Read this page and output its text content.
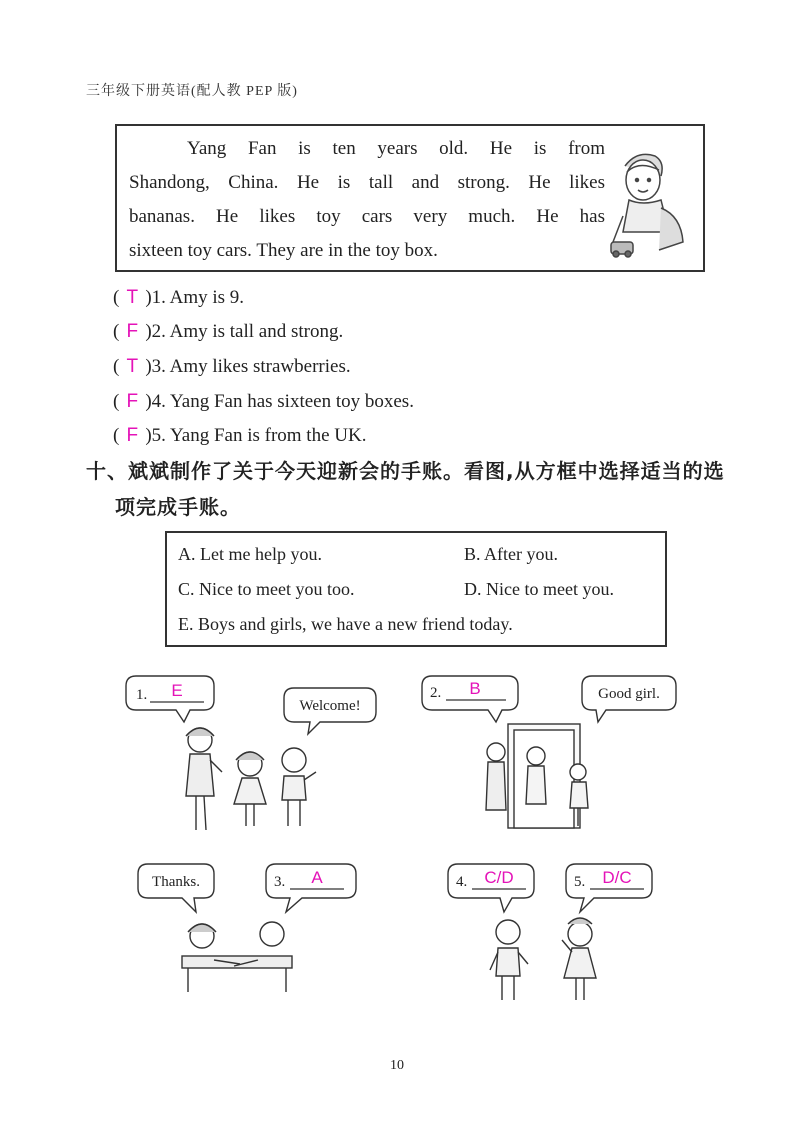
三年级下册英语(配人教 PEP 版)
Yang Fan is ten years old. He is from
Shandong, China. He is tall and strong. He likes
bananas. He likes toy cars very much. He has
sixteen toy cars. They are in the toy box.
( T )1. Amy is 9.
( F )2. Amy is tall and strong.
( T )3. Amy likes strawberries.
( F )4. Yang Fan has sixteen toy boxes.
( F )5. Yang Fan is from the UK.
十、斌斌制作了关于今天迎新会的手账。看图,从方框中选择适当的选
项完成手账。
A. Let me help you.	B. After you.
C. Nice to meet you too.	D. Nice to meet you.
E. Boys and girls, we have a new friend today.
1. E
Welcome!
2. B	Good girl.
Thanks.	3. A	4. C/D	5. D/C
10
